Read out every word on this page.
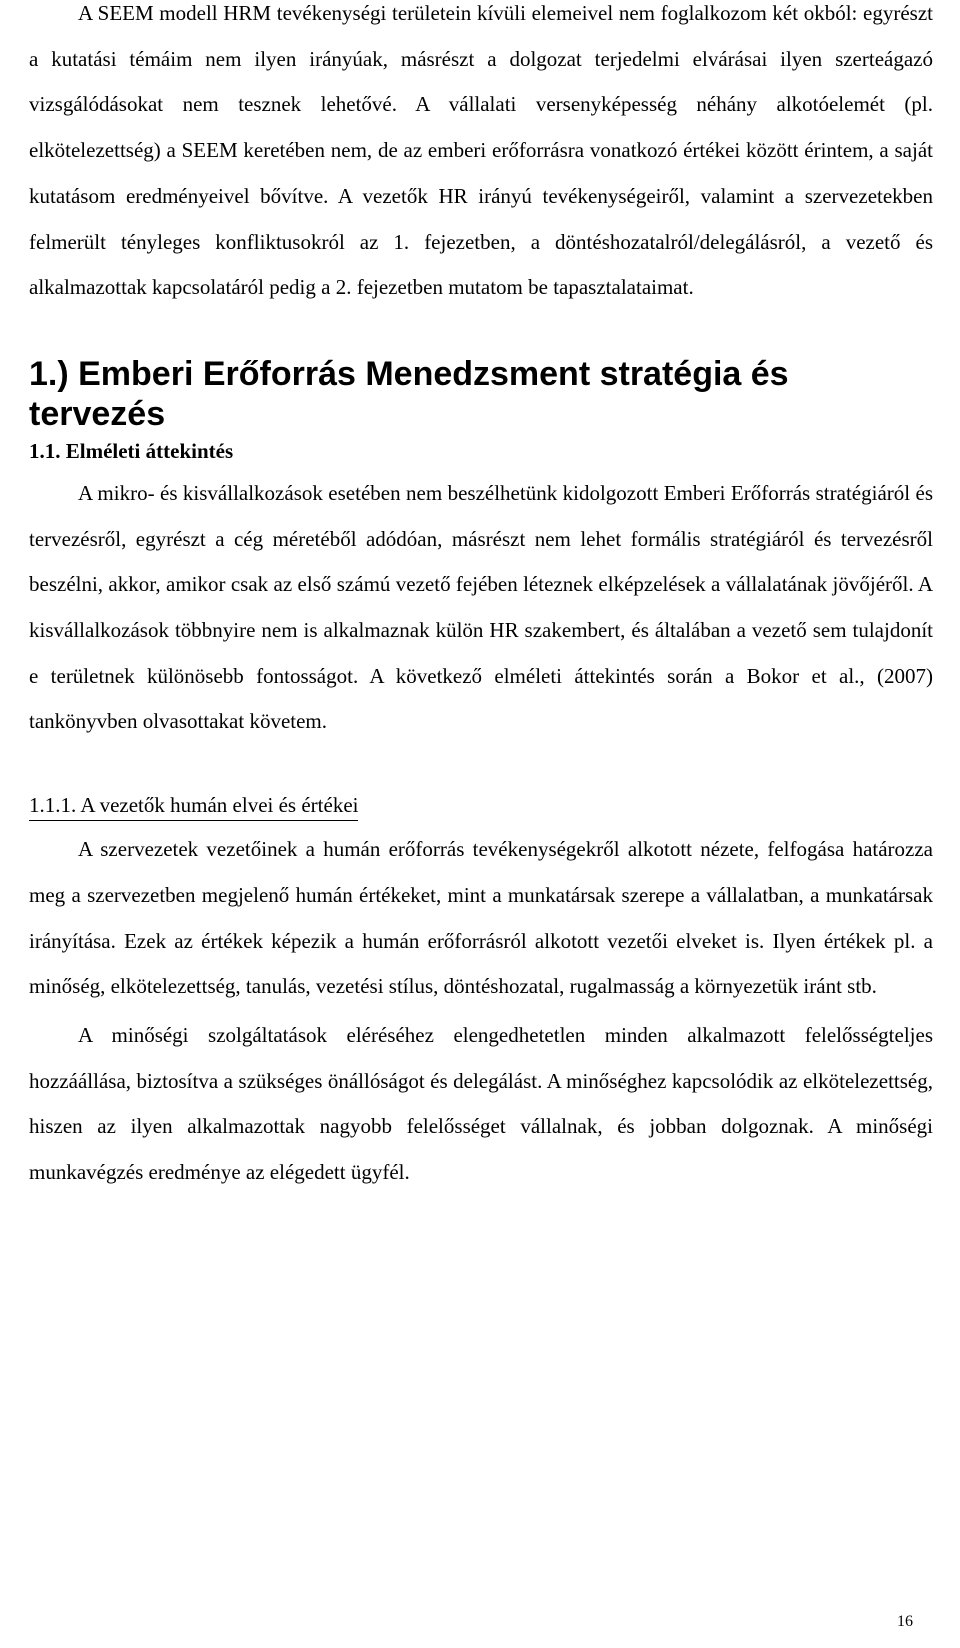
A SEEM modell HRM tevékenységi területein kívüli elemeivel nem foglalkozom két okból: egyrészt a kutatási témáim nem ilyen irányúak, másrészt a dolgozat terjedelmi elvárásai ilyen szerteágazó vizsgálódásokat nem tesznek lehetővé. A vállalati versenyképesség néhány alkotóelemét (pl. elkötelezettség) a SEEM keretében nem, de az emberi erőforrásra vonatkozó értékei között érintem, a saját kutatásom eredményeivel bővítve. A vezetők HR irányú tevékenységeiről, valamint a szervezetekben felmerült tényleges konfliktusokról az 1. fejezetben, a döntéshozatalról/delegálásról, a vezető és alkalmazottak kapcsolatáról pedig a 2. fejezetben mutatom be tapasztalataimat.

1.) Emberi Erőforrás Menedzsment stratégia és tervezés
1.1. Elméleti áttekintés

A mikro- és kisvállalkozások esetében nem beszélhetünk kidolgozott Emberi Erőforrás stratégiáról és tervezésről, egyrészt a cég méretéből adódóan, másrészt nem lehet formális stratégiáról és tervezésről beszélni, akkor, amikor csak az első számú vezető fejében léteznek elképzelések a vállalatának jövőjéről. A kisvállalkozások többnyire nem is alkalmaznak külön HR szakembert, és általában a vezető sem tulajdonít e területnek különösebb fontosságot. A következő elméleti áttekintés során a Bokor et al., (2007) tankönyvben olvasottakat követem.

1.1.1. A vezetők humán elvei és értékei

A szervezetek vezetőinek a humán erőforrás tevékenységekről alkotott nézete, felfogása határozza meg a szervezetben megjelenő humán értékeket, mint a munkatársak szerepe a vállalatban, a munkatársak irányítása. Ezek az értékek képezik a humán erőforrásról alkotott vezetői elveket is. Ilyen értékek pl. a minőség, elkötelezettség, tanulás, vezetési stílus, döntéshozatal, rugalmasság a környezetük iránt stb.

A minőségi szolgáltatások eléréséhez elengedhetetlen minden alkalmazott felelősségteljes hozzáállása, biztosítva a szükséges önállóságot és delegálást. A minőséghez kapcsolódik az elkötelezettség, hiszen az ilyen alkalmazottak nagyobb felelősséget vállalnak, és jobban dolgoznak. A minőségi munkavégzés eredménye az elégedett ügyfél.

16
